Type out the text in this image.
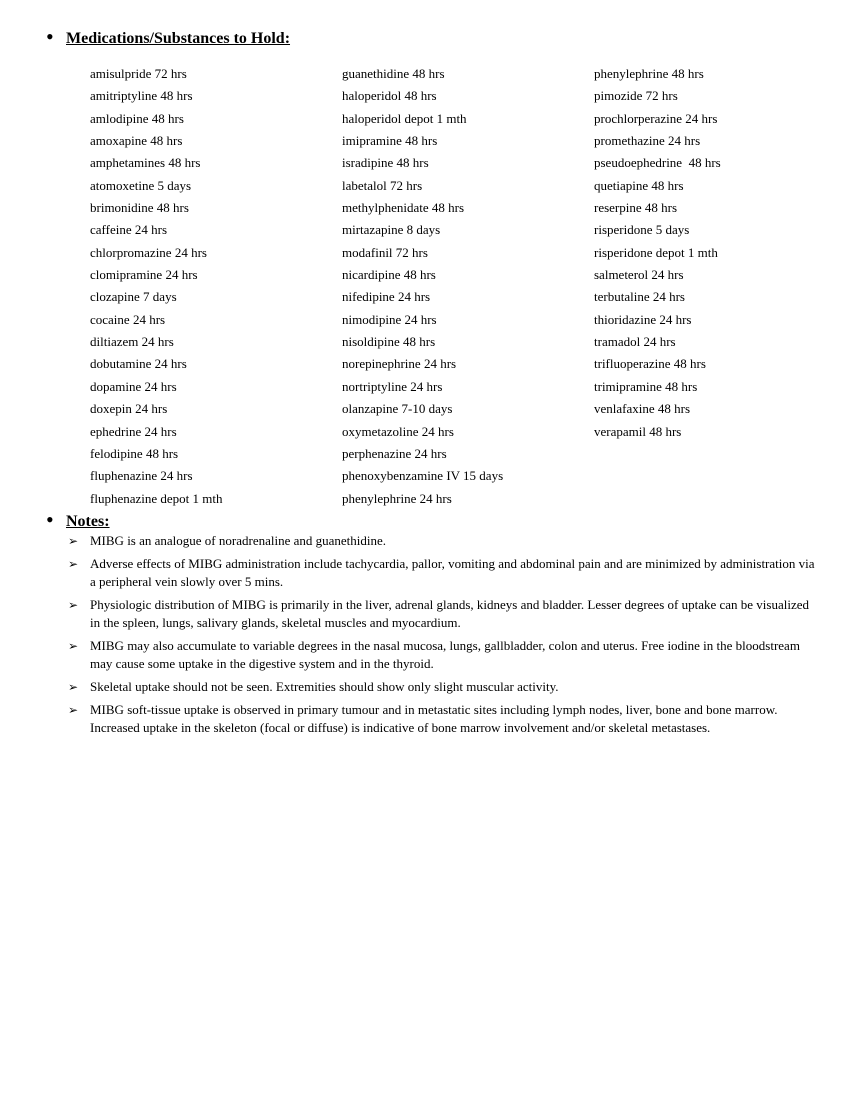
• Medications/Substances to Hold:
amisulpride 72 hrs
amitriptyline 48 hrs
amlodipine 48 hrs
amoxapine 48 hrs
amphetamines 48 hrs
atomoxetine 5 days
brimonidine 48 hrs
caffeine 24 hrs
chlorpromazine 24 hrs
clomipramine 24 hrs
clozapine 7 days
cocaine 24 hrs
diltiazem 24 hrs
dobutamine 24 hrs
dopamine 24 hrs
doxepin 24 hrs
ephedrine 24 hrs
felodipine 48 hrs
fluphenazine 24 hrs
fluphenazine depot 1 mth
guanethidine 48 hrs
haloperidol 48 hrs
haloperidol depot 1 mth
imipramine 48 hrs
isradipine 48 hrs
labetalol 72 hrs
methylphenidate 48 hrs
mirtazapine 8 days
modafinil 72 hrs
nicardipine 48 hrs
nifedipine 24 hrs
nimodipine 24 hrs
nisoldipine 48 hrs
norepinephrine 24 hrs
nortriptyline 24 hrs
olanzapine 7-10 days
oxymetazoline 24 hrs
perphenazine 24 hrs
phenoxybenzamine IV 15 days
phenylephrine 24 hrs
phenylephrine 48 hrs
pimozide 72 hrs
prochlorperazine 24 hrs
promethazine 24 hrs
pseudoephedrine  48 hrs
quetiapine 48 hrs
reserpine 48 hrs
risperidone 5 days
risperidone depot 1 mth
salmeterol 24 hrs
terbutaline 24 hrs
thioridazine 24 hrs
tramadol 24 hrs
trifluoperazine 48 hrs
trimipramine 48 hrs
venlafaxine 48 hrs
verapamil 48 hrs
• Notes:
➢ MIBG is an analogue of noradrenaline and guanethidine.
➢ Adverse effects of MIBG administration include tachycardia, pallor, vomiting and abdominal pain and are minimized by administration via a peripheral vein slowly over 5 mins.
➢ Physiologic distribution of MIBG is primarily in the liver, adrenal glands, kidneys and bladder. Lesser degrees of uptake can be visualized in the spleen, lungs, salivary glands, skeletal muscles and myocardium.
➢ MIBG may also accumulate to variable degrees in the nasal mucosa, lungs, gallbladder, colon and uterus. Free iodine in the bloodstream may cause some uptake in the digestive system and in the thyroid.
➢ Skeletal uptake should not be seen. Extremities should show only slight muscular activity.
➢ MIBG soft-tissue uptake is observed in primary tumour and in metastatic sites including lymph nodes, liver, bone and bone marrow. Increased uptake in the skeleton (focal or diffuse) is indicative of bone marrow involvement and/or skeletal metastases.
